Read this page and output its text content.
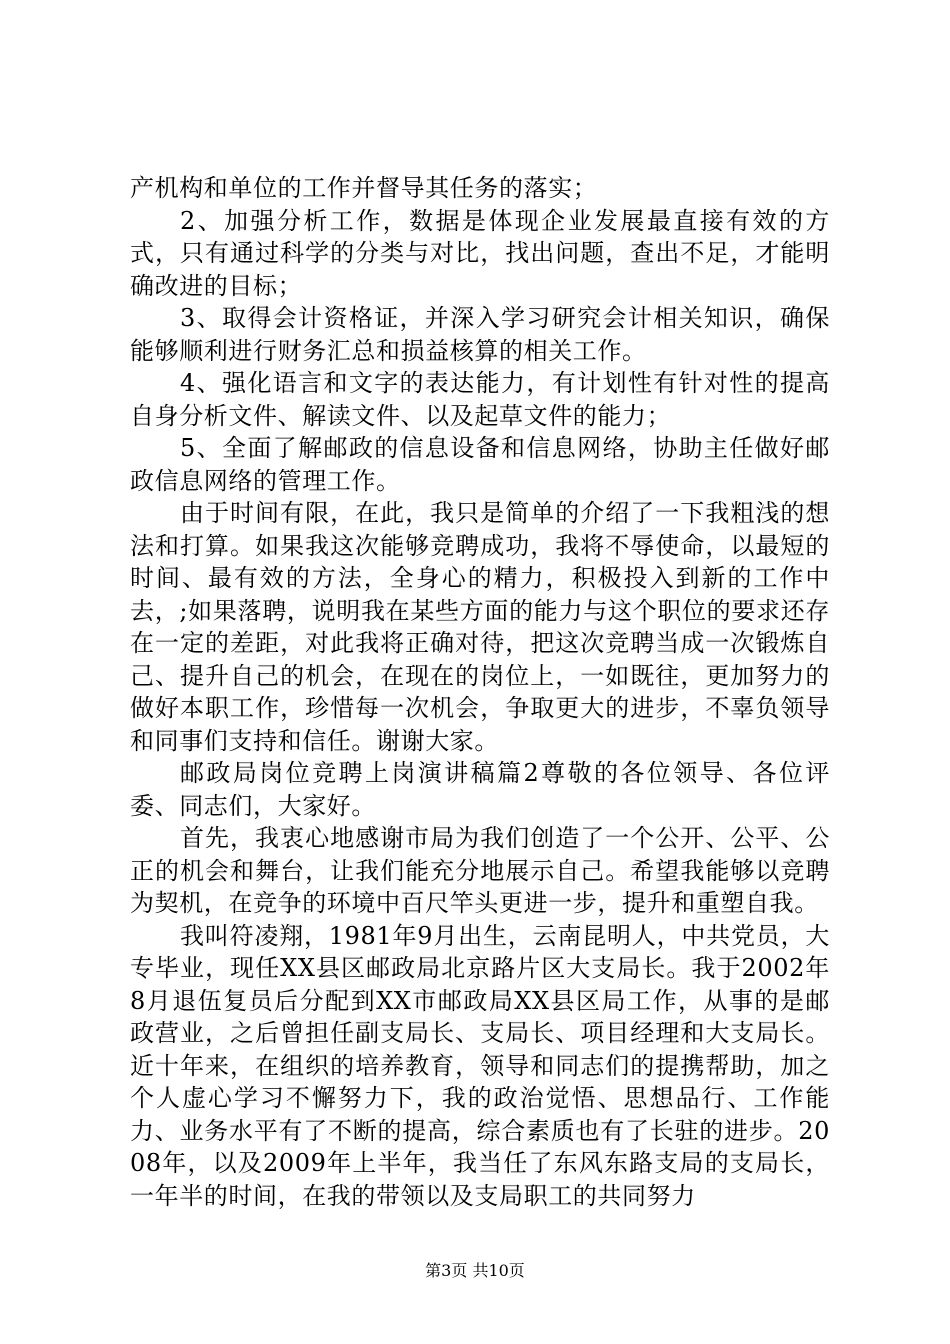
产机构和单位的工作并督导其任务的落实；

2、加强分析工作，数据是体现企业发展最直接有效的方式，只有通过科学的分类与对比，找出问题，查出不足，才能明确改进的目标；

3、取得会计资格证，并深入学习研究会计相关知识，确保能够顺利进行财务汇总和损益核算的相关工作。

4、强化语言和文字的表达能力，有计划性有针对性的提高自身分析文件、解读文件、以及起草文件的能力；

5、全面了解邮政的信息设备和信息网络，协助主任做好邮政信息网络的管理工作。

由于时间有限，在此，我只是简单的介绍了一下我粗浅的想法和打算。如果我这次能够竞聘成功，我将不辱使命，以最短的时间、最有效的方法，全身心的精力，积极投入到新的工作中去，;如果落聘，说明我在某些方面的能力与这个职位的要求还存在一定的差距，对此我将正确对待，把这次竞聘当成一次锻炼自己、提升自己的机会，在现在的岗位上，一如既往，更加努力的做好本职工作，珍惜每一次机会，争取更大的进步，不辜负领导和同事们支持和信任。谢谢大家。

邮政局岗位竞聘上岗演讲稿篇2尊敬的各位领导、各位评委、同志们，大家好。

首先，我衷心地感谢市局为我们创造了一个公开、公平、公正的机会和舞台，让我们能充分地展示自己。希望我能够以竞聘为契机，在竞争的环境中百尺竿头更进一步，提升和重塑自我。

我叫符凌翔，1981年9月出生，云南昆明人，中共党员，大专毕业，现任XX县区邮政局北京路片区大支局长。我于2002年8月退伍复员后分配到XX市邮政局XX县区局工作，从事的是邮政营业，之后曾担任副支局长、支局长、项目经理和大支局长。近十年来，在组织的培养教育，领导和同志们的提携帮助，加之个人虚心学习不懈努力下，我的政治觉悟、思想品行、工作能力、业务水平有了不断的提高，综合素质也有了长驻的进步。2008年，以及2009年上半年，我当任了东风东路支局的支局长，一年半的时间，在我的带领以及支局职工的共同努力

第3页 共10页
